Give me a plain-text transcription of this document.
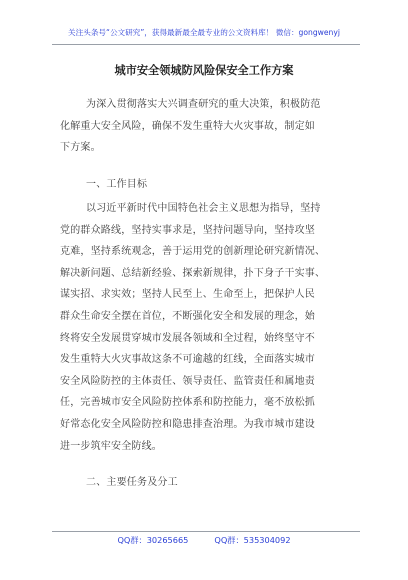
关注头条号“公文研究”，获得最新最全最专业的公文资料库！ 微信：gongwenyj
城市安全领城防风险保安全工作方案
为深入贯彻落实大兴调查研究的重大决策，积极防范
化解重大安全风险，确保不发生重特大火灾事故，制定如
下方案。
一、工作目标
以习近平新时代中国特色社会主义思想为指导，坚持
党的群众路线，坚持实事求是，坚持问题导向，坚持攻坚
克难，坚持系统观念，善于运用党的创新理论研究新情况、
解决新问题、总结新经验、探索新规律，扑下身子干实事、
谋实招、求实效；坚持人民至上、生命至上，把保护人民
群众生命安全摆在首位，不断强化安全和发展的理念，始
终将安全发展贯穿城市发展各领域和全过程，始终坚守不
发生重特大火灾事故这条不可逾越的红线，全面落实城市
安全风险防控的主体责任、领导责任、监管责任和属地责
任，完善城市安全风险防控体系和防控能力，毫不放松抓
好常态化安全风险防控和隐患排查治理。为我市城市建设
进一步筑牢安全防线。
二、主要任务及分工
QQ群：30265665	QQ群：535304092
